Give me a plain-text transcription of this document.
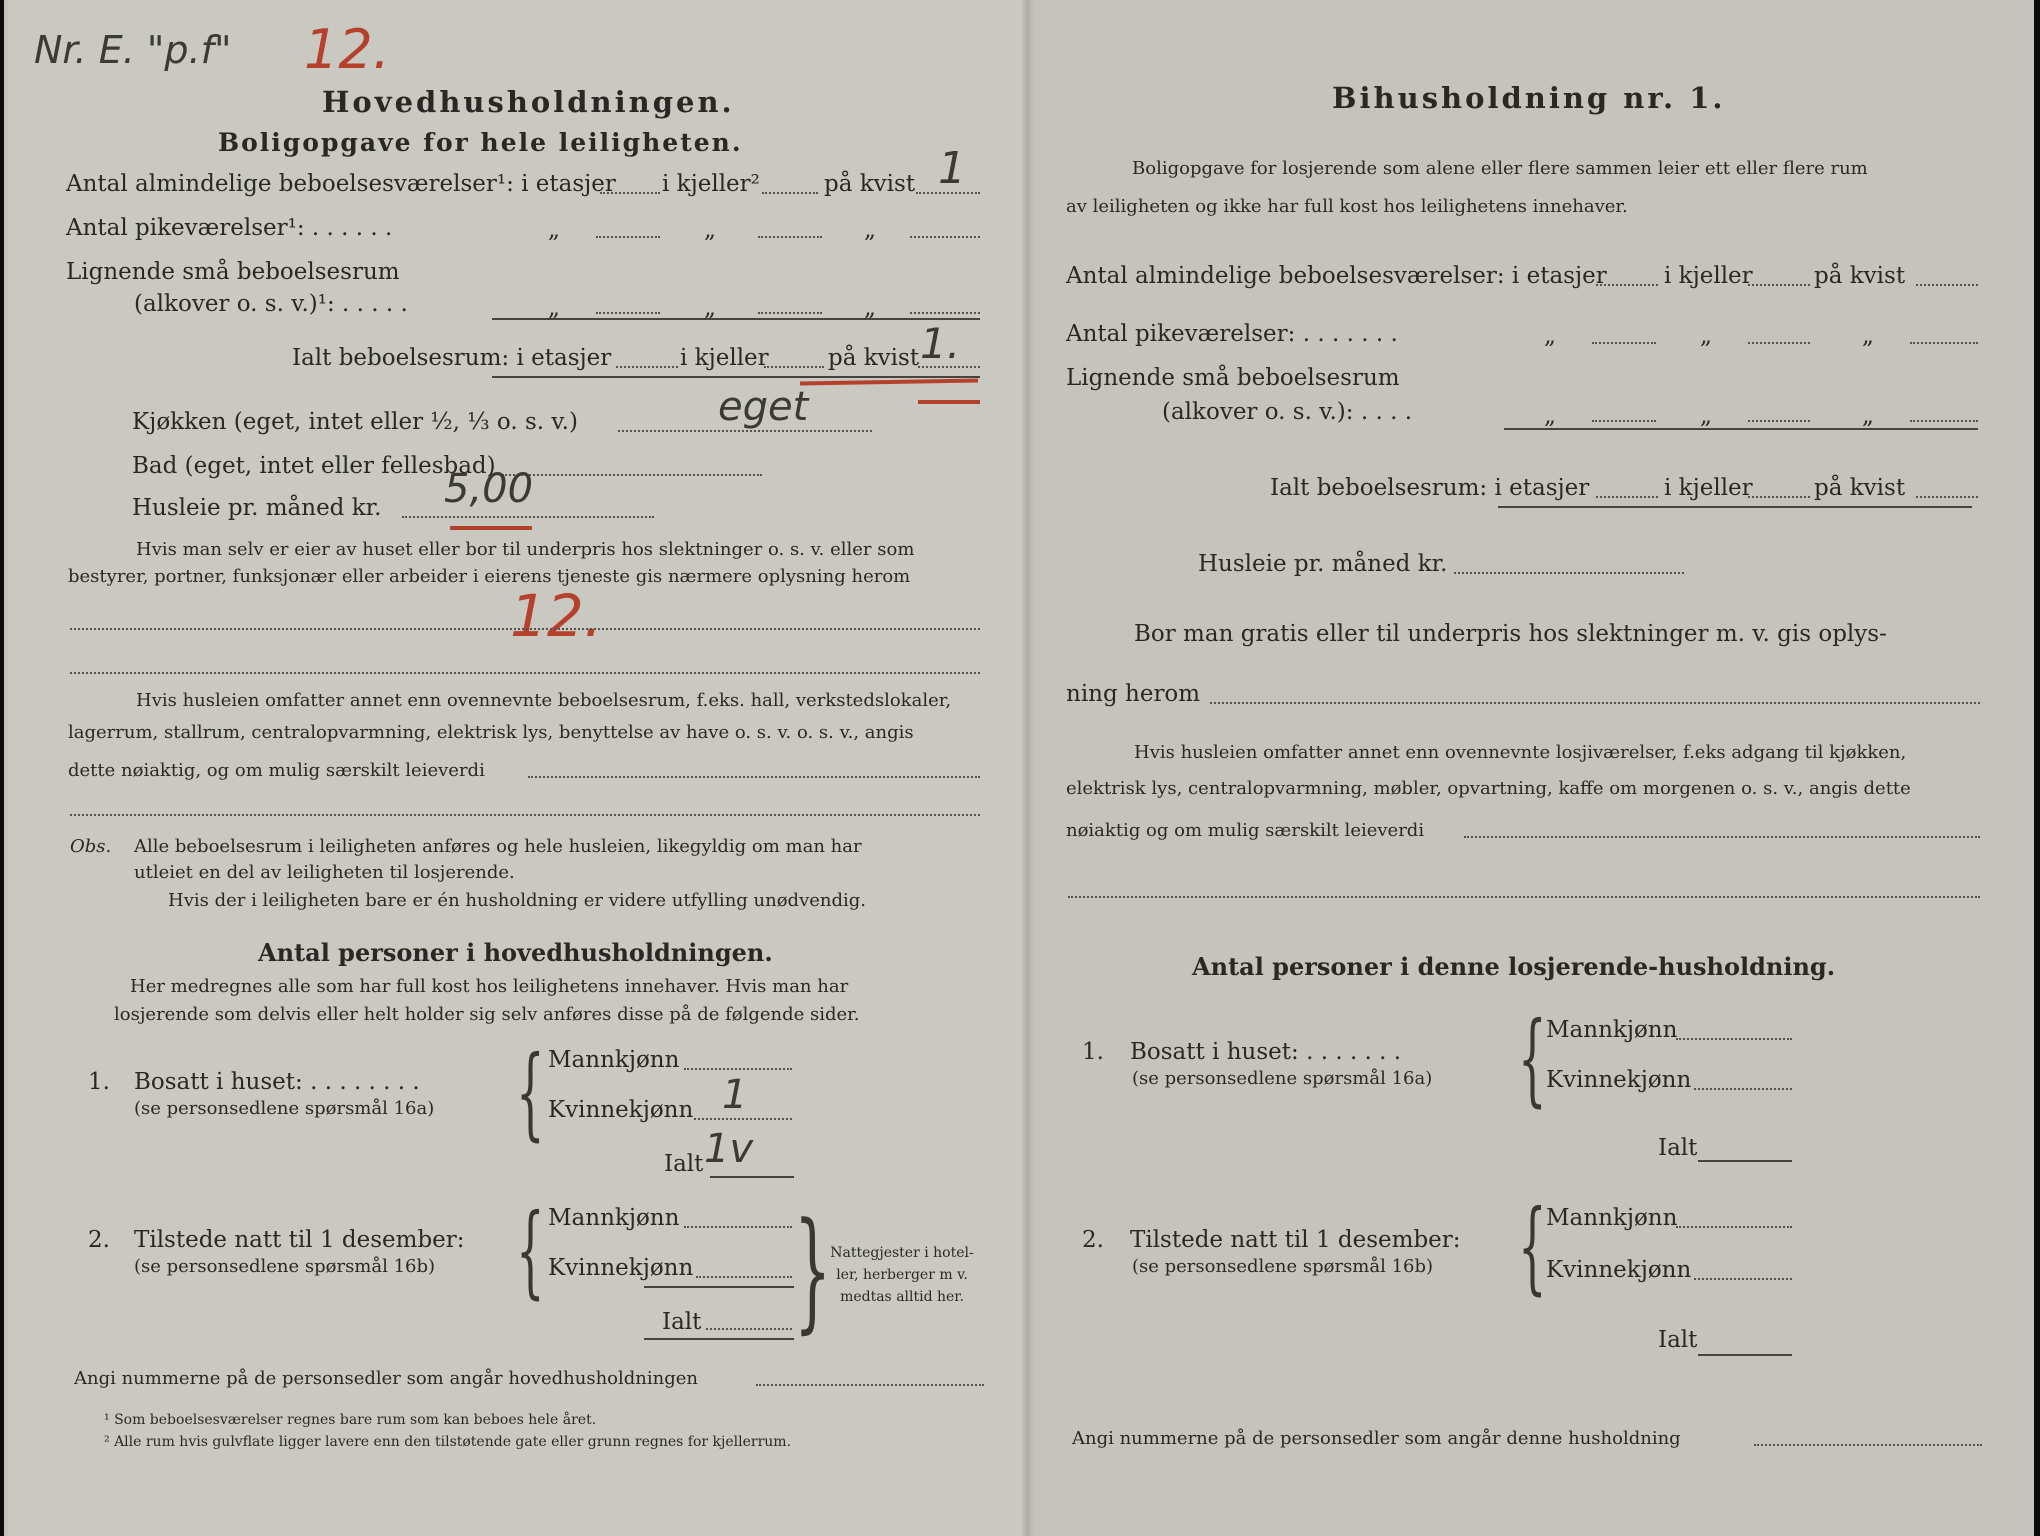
Nr. E. "p.f" 12.
Hovedhusholdningen.
Boligopgave for hele leiligheten.
Antal almindelige beboelsesværelser¹: i etasjer i kjeller²	på kvist 1
Antal pikeværelser¹: . . . . . .	„	„	„
Lignende små beboelsesrum
(alkover o. s. v.)¹: . . . . .	„	„	„
Ialt beboelsesrum: i etasjer	i kjeller	på kvist 1.
Kjøkken (eget, intet eller ½, ⅓ o. s. v.)	eget
Bad (eget, intet eller fellesbad)
Husleie pr. måned kr. 5,00
Hvis man selv er eier av huset eller bor til underpris hos slektninger o. s. v. eller som
bestyrer, portner, funksjonær eller arbeider i eierens tjeneste gis nærmere oplysning herom
12.
Hvis husleien omfatter annet enn ovennevnte beboelsesrum, f.eks. hall, verkstedslokaler,
lagerrum, stallrum, centralopvarmning, elektrisk lys, benyttelse av have o. s. v. o. s. v., angis
dette nøiaktig, og om mulig særskilt leieverdi
Obs. Alle beboelsesrum i leiligheten anføres og hele husleien, likegyldig om man har
utleiet en del av leiligheten til losjerende.
Hvis der i leiligheten bare er én husholdning er videre utfylling unødvendig.
Antal personer i hovedhusholdningen.
Her medregnes alle som har full kost hos leilighetens innehaver. Hvis man har
losjerende som delvis eller helt holder sig selv anføres disse på de følgende sider.
1. Bosatt i huset: . . . . . . . .
(se personsedlene spørsmål 16a) { Mannkjønn
Kvinnekjønn 1
Ialt 1v
2. Tilstede natt til 1 desember:
(se personsedlene spørsmål 16b) { Mannkjønn
Kvinnekjønn
Ialt } Nattegjester i hotel-
ler, herberger m v.
medtas alltid her.
Angi nummerne på de personsedler som angår hovedhusholdningen
¹ Som beboelsesværelser regnes bare rum som kan beboes hele året.
² Alle rum hvis gulvflate ligger lavere enn den tilstøtende gate eller grunn regnes for kjellerrum.
Bihusholdning nr. 1.
Boligopgave for losjerende som alene eller flere sammen leier ett eller flere rum
av leiligheten og ikke har full kost hos leilighetens innehaver.
Antal almindelige beboelsesværelser: i etasjer i kjeller	på kvist
Antal pikeværelser: . . . . . . .	„	„	„
Lignende små beboelsesrum
(alkover o. s. v.): . . . .	„	„	„
Ialt beboelsesrum: i etasjer	i kjeller	på kvist
Husleie pr. måned kr.
Bor man gratis eller til underpris hos slektninger m. v. gis oplys-
ning herom
Hvis husleien omfatter annet enn ovennevnte losjiværelser, f.eks adgang til kjøkken,
elektrisk lys, centralopvarmning, møbler, opvartning, kaffe om morgenen o. s. v., angis dette
nøiaktig og om mulig særskilt leieverdi
Antal personer i denne losjerende-husholdning.
1. Bosatt i huset: . . . . . . .
(se personsedlene spørsmål 16a) { Mannkjønn
Kvinnekjønn
Ialt
2. Tilstede natt til 1 desember:
(se personsedlene spørsmål 16b) { Mannkjønn
Kvinnekjønn
Ialt
Angi nummerne på de personsedler som angår denne husholdning
